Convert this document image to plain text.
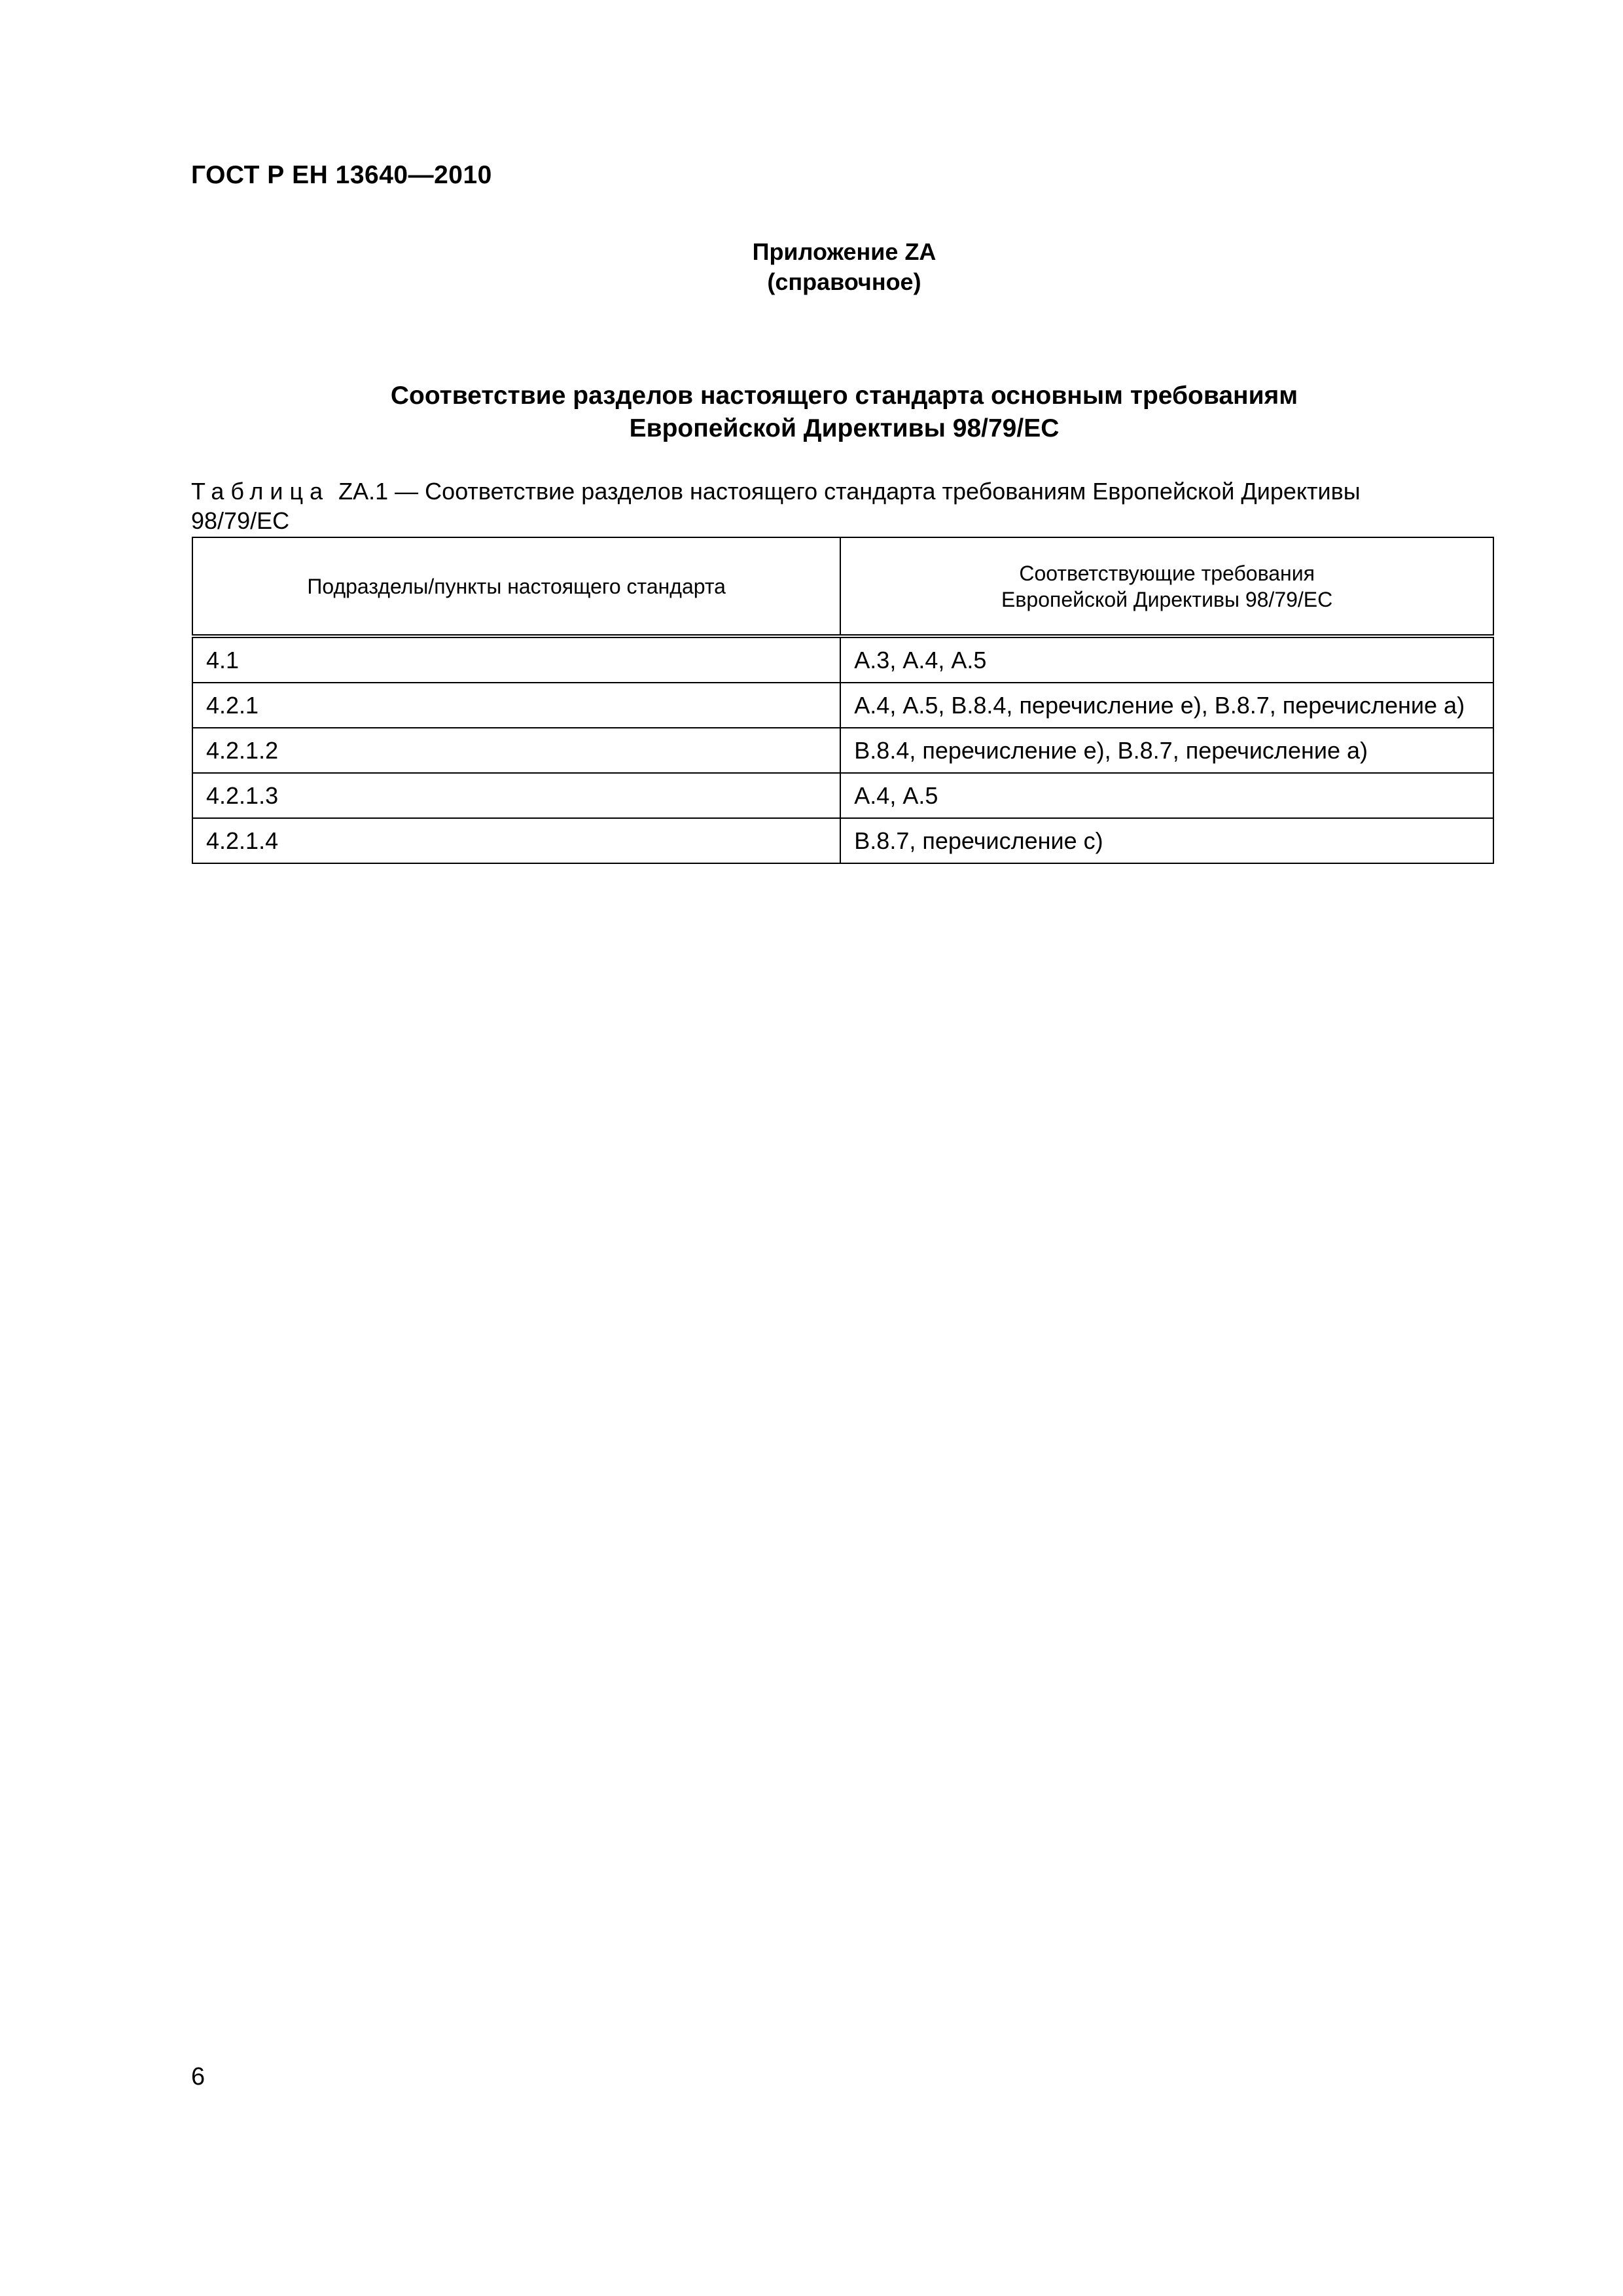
ГОСТ Р ЕН 13640—2010
Приложение ZA
(справочное)
Соответствие разделов настоящего стандарта основным требованиям
Европейской Директивы 98/79/ЕС
Таблица ZA.1 — Соответствие разделов настоящего стандарта требованиям Европейской Директивы
98/79/ЕС
Подразделы/пункты настоящего стандарта	Соответствующие требования
Европейской Директивы 98/79/ЕС

4.1	А.3, А.4, А.5
4.2.1	А.4, А.5, В.8.4, перечисление е), В.8.7, перечисление а)
4.2.1.2	В.8.4, перечисление е), В.8.7, перечисление а)
4.2.1.3	А.4, А.5
4.2.1.4	В.8.7, перечисление с)
6
